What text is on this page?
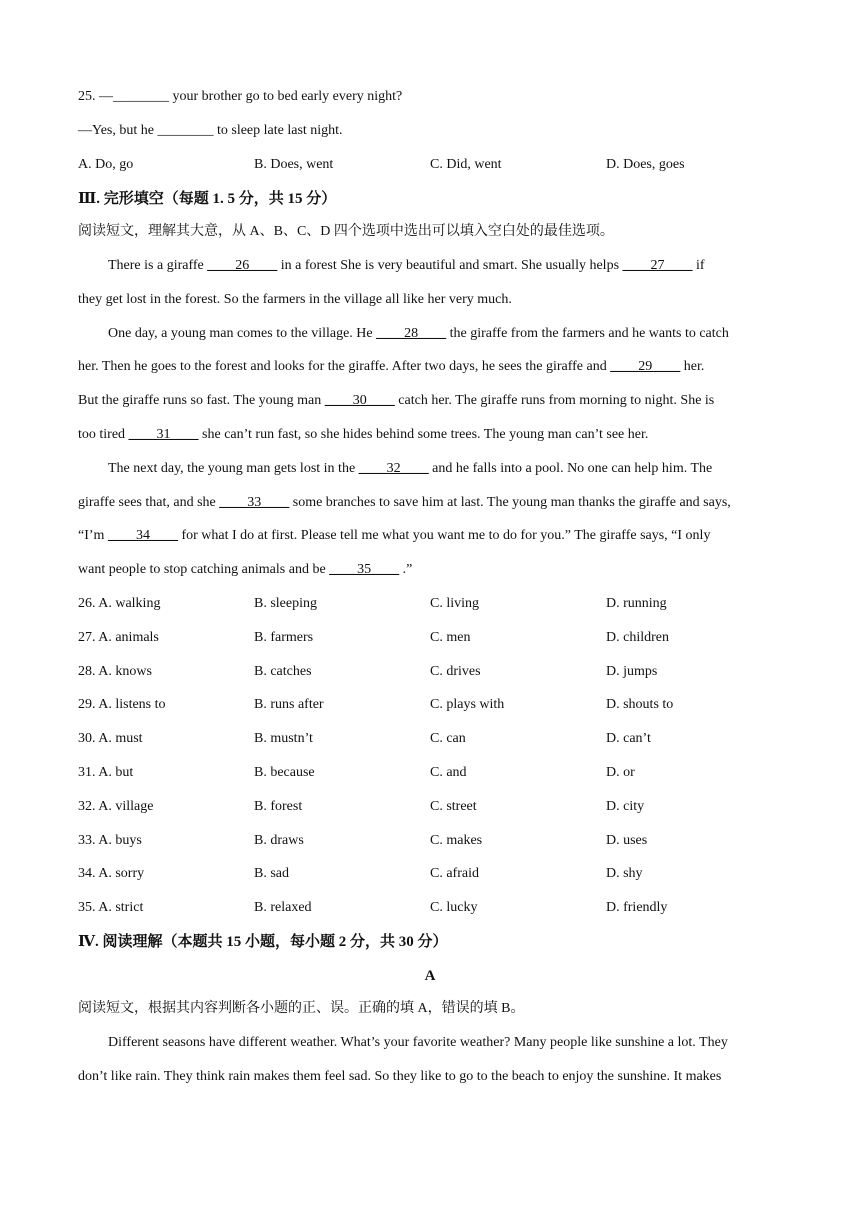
25. —________ your brother go to bed early every night?
—Yes, but he ________ to sleep late last night.
A. Do, go	B. Does, went	C. Did, went	D. Does, goes
Ⅲ. 完形填空（每题 1. 5 分，共 15 分）
阅读短文，理解其大意，从 A、B、C、D 四个选项中选出可以填入空白处的最佳选项。
There is a giraffe ____26____ in a forest She is very beautiful and smart. She usually helps ____27____ if
they get lost in the forest. So the farmers in the village all like her very much.
One day, a young man comes to the village. He ____28____ the giraffe from the farmers and he wants to catch
her. Then he goes to the forest and looks for the giraffe. After two days, he sees the giraffe and ____29____ her.
But the giraffe runs so fast. The young man ____30____ catch her. The giraffe runs from morning to night. She is
too tired ____31____ she can’t run fast, so she hides behind some trees. The young man can’t see her.
The next day, the young man gets lost in the ____32____ and he falls into a pool. No one can help him. The
giraffe sees that, and she ____33____ some branches to save him at last. The young man thanks the giraffe and says,
“I’m ____34____ for what I do at first. Please tell me what you want me to do for you.” The giraffe says, “I only
want people to stop catching animals and be ____35____ .”
26. A. walking	B. sleeping	C. living	D. running
27. A. animals	B. farmers	C. men	D. children
28. A. knows	B. catches	C. drives	D. jumps
29. A. listens to	B. runs after	C. plays with	D. shouts to
30. A. must	B. mustn’t	C. can	D. can’t
31. A. but	B. because	C. and	D. or
32. A. village	B. forest	C. street	D. city
33. A. buys	B. draws	C. makes	D. uses
34. A. sorry	B. sad	C. afraid	D. shy
35. A. strict	B. relaxed	C. lucky	D. friendly
Ⅳ. 阅读理解（本题共 15 小题，每小题 2 分，共 30 分）
A
阅读短文，根据其内容判断各小题的正、误。正确的填 A，错误的填 B。
Different seasons have different weather. What’s your favorite weather? Many people like sunshine a lot. They
don’t like rain. They think rain makes them feel sad. So they like to go to the beach to enjoy the sunshine. It makes
